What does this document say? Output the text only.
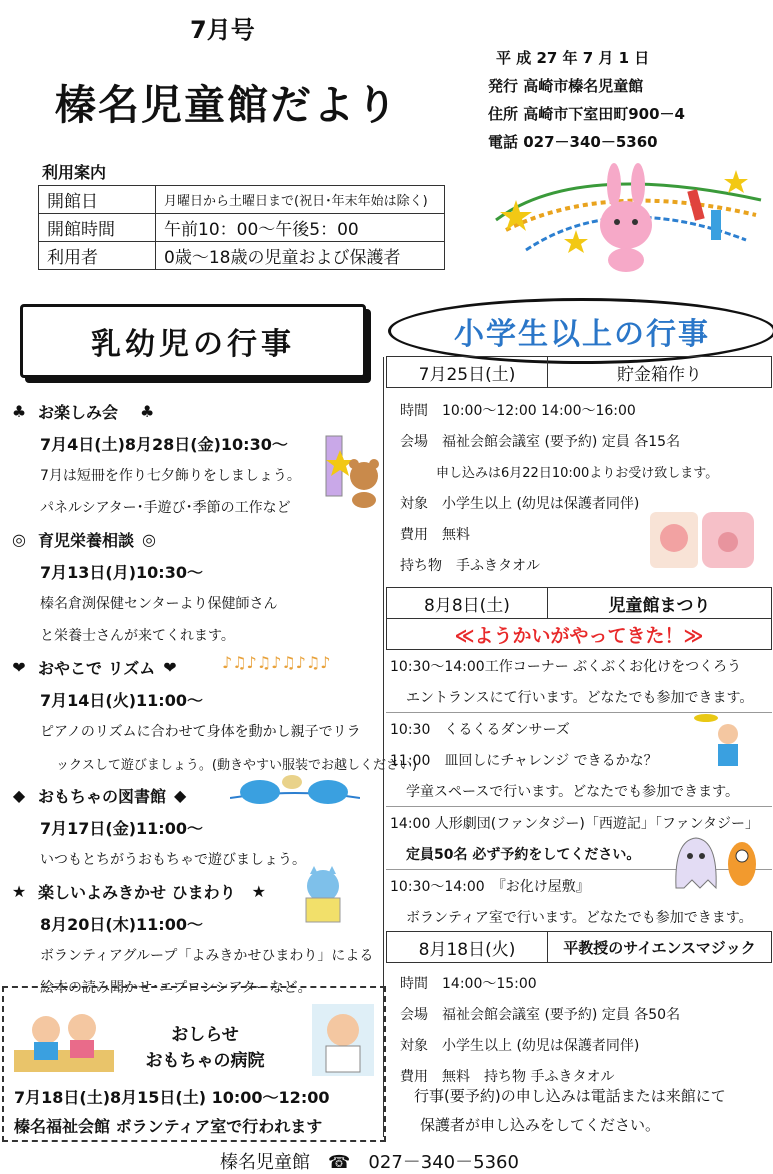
7月号
榛名児童館だより
平 成 27 年 7 月 1 日
発行 高崎市榛名児童館
住所 高崎市下室田町900－4
電話 027－340－5360
利用案内
開館日	月曜日から土曜日まで(祝日･年末年始は除く)
開館時間	午前10：00～午後5：00
利用者	0歳～18歳の児童および保護者
乳幼児の行事	小学生以上の行事
♣ お楽しみ会 ♣
7月4日(土)8月28日(金)10:30～
7月は短冊を作り七夕飾りをしましょう。
パネルシアター･手遊び･季節の工作など
◎ 育児栄養相談 ◎
7月13日(月)10:30～
榛名倉渕保健センターより保健師さん
と栄養士さんが来てくれます。
❤ おやこで リズム ❤
7月14日(火)11:00～
ピアノのリズムに合わせて身体を動かし親子でリラ
ックスして遊びましょう。(動きやすい服装でお越しください)
◆ おもちゃの図書館 ◆
7月17日(金)11:00～
いつもとちがうおもちゃで遊びましょう。
★ 楽しいよみきかせ ひまわり ★
8月20日(木)11:00～
ボランティアグループ「よみきかせひまわり」による
絵本の読み聞かせ･エプロンシアターなど。
♪♫♪♫♪♫♪♫♪
おしらせ
おもちゃの病院
7月18日(土)8月15日(土) 10:00～12:00
榛名福祉会館 ボランティア室で行われます
7月25日(土)	貯金箱作り
時間　10:00～12:00 14:00～16:00
会場　福祉会館会議室 (要予約) 定員 各15名
申し込みは6月22日10:00よりお受け致します。
対象　小学生以上 (幼児は保護者同伴)
費用　無料
持ち物　手ふきタオル
8月8日(土)	児童館まつり
≪ようかいがやってきた！≫
10:30～14:00工作コーナー ぶくぶくお化けをつくろう
エントランスにて行います。どなたでも参加できます。
10:30　くるくるダンサーズ
11:00　皿回しにチャレンジ できるかな？
学童スペースで行います。どなたでも参加できます。
14:00 人形劇団(ファンタジー)「西遊記」「ファンタジー」
定員50名 必ず予約をしてください。
10:30～14:00　『お化け屋敷』
ボランティア室で行います。どなたでも参加できます。
8月18日(火)	平教授のサイエンスマジック
時間　14:00～15:00
会場　福祉会館会議室 (要予約) 定員 各50名
対象　小学生以上 (幼児は保護者同伴)
費用　無料　持ち物 手ふきタオル
行事(要予約)の申し込みは電話または来館にて
保護者が申し込みをしてください。
榛名児童館　☎　027－340－5360
